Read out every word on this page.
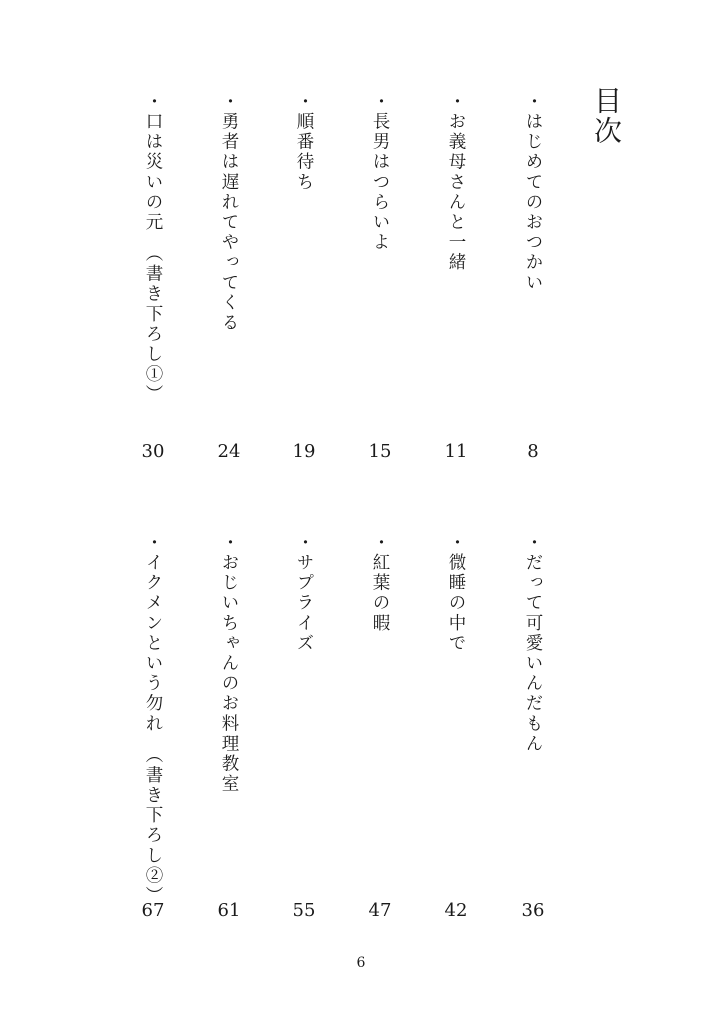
目次
・はじめてのおつかい
8
・お義母さんと一緒
11
・長男はつらいよ
15
・順番待ち
19
・勇者は遅れてやってくる
24
・口は災いの元　（書き下ろし①）
30
・だって可愛いんだもん
36
・微睡の中で
42
・紅葉の暇
47
・サプライズ
55
・おじいちゃんのお料理教室
61
・イクメンという勿れ　（書き下ろし②）
67
6
